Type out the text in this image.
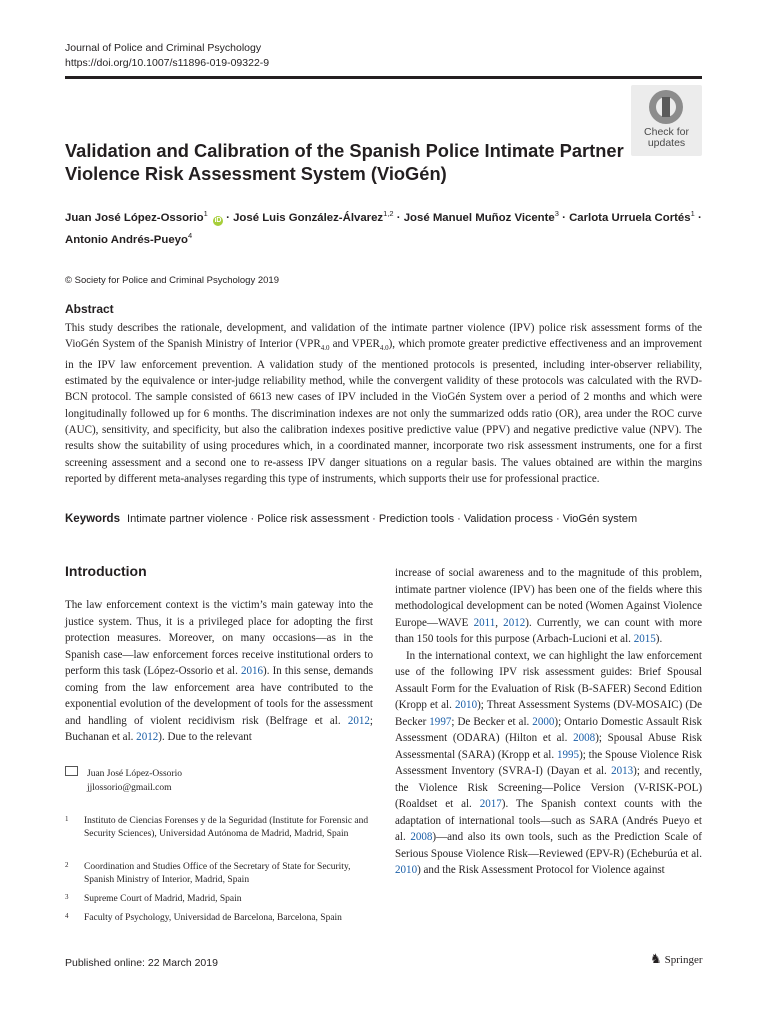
Journal of Police and Criminal Psychology
https://doi.org/10.1007/s11896-019-09322-9
Check for updates
Validation and Calibration of the Spanish Police Intimate Partner Violence Risk Assessment System (VioGén)
Juan José López-Ossorio$^1$ iD · José Luis González-Álvarez$^{1,2}$ · José Manuel Muñoz Vicente$^3$ · Carlota Urruela Cortés$^1$ ·
Antonio Andrés-Pueyo$^4$
© Society for Police and Criminal Psychology 2019
Abstract

This study describes the rationale, development, and validation of the intimate partner violence (IPV) police risk assessment forms of the VioGén System of the Spanish Ministry of Interior ($VPR_{4.0}$ and $VPER_{4.0}$), which promote greater predictive effectiveness and an improvement in the IPV law enforcement prevention. A validation study of the mentioned protocols is presented, including inter-observer reliability, estimated by the equivalence or inter-judge reliability method, while the convergent validity of these protocols was calculated with the RVD-BCN protocol. The sample consisted of 6613 new cases of IPV included in the VioGén System over a period of 2 months and which were longitudinally followed up for 6 months. The discrimination indexes are not only the summarized odds ratio (OR), area under the ROC curve (AUC), sensitivity, and specificity, but also the calibration indexes positive predictive value (PPV) and negative predictive value (NPV). The results show the suitability of using procedures which, in a coordinated manner, incorporate two risk assessment instruments, one for a first screening assessment and a second one to re-assess IPV danger situations on a regular basis. The values obtained are within the margins reported by different meta-analyses regarding this type of instruments, which supports their use for professional practice.

Keywords Intimate partner violence · Police risk assessment · Prediction tools · Validation process · VioGén system
Introduction

The law enforcement context is the victim’s main gateway into the justice system. Thus, it is a privileged place for adopting the first protection measures. Moreover, on many occasions—as in the Spanish case—law enforcement forces receive institutional orders to perform this task (López-Ossorio et al. 2016). In this sense, demands coming from the law enforcement area have contributed to the exponential evolution of the development of tools for the assessment and handling of violent recidivism risk (Belfrage et al. 2012; Buchanan et al. 2012). Due to the relevant

increase of social awareness and to the magnitude of this problem, intimate partner violence (IPV) has been one of the fields where this methodological development can be noted (Women Against Violence Europe—WAVE 2011, 2012). Currently, we can count with more than 150 tools for this purpose (Arbach-Lucioni et al. 2015).

In the international context, we can highlight the law enforcement use of the following IPV risk assessment guides: Brief Spousal Assault Form for the Evaluation of Risk (B-SAFER) Second Edition (Kropp et al. 2010); Threat Assessment Systems (DV-MOSAIC) (De Becker 1997; De Becker et al. 2000); Ontario Domestic Assault Risk Assessment (ODARA) (Hilton et al. 2008); Spousal Abuse Risk Assessmental (SARA) (Kropp et al. 1995); the Spouse Violence Risk Assessment Inventory (SVRA-I) (Dayan et al. 2013); and recently, the Violence Risk Screening—Police Version (V-RISK-POL) (Roaldset et al. 2017). The Spanish context counts with the adaptation of international tools—such as SARA (Andrés Pueyo et al. 2008)—and also its own tools, such as the Prediction Scale of Serious Spouse Violence Risk—Reviewed (EPV-R) (Echeburúa et al. 2010) and the Risk Assessment Protocol for Violence against

Juan José López-Ossorio
jjlossorio@gmail.com
1 Instituto de Ciencias Forenses y de la Seguridad (Institute for Forensic and Security Sciences), Universidad Autónoma de Madrid, Madrid, Spain
2 Coordination and Studies Office of the Secretary of State for Security, Spanish Ministry of Interior, Madrid, Spain
3 Supreme Court of Madrid, Madrid, Spain
4 Faculty of Psychology, Universidad de Barcelona, Barcelona, Spain
Published online: 22 March 2019	♞ Springer
